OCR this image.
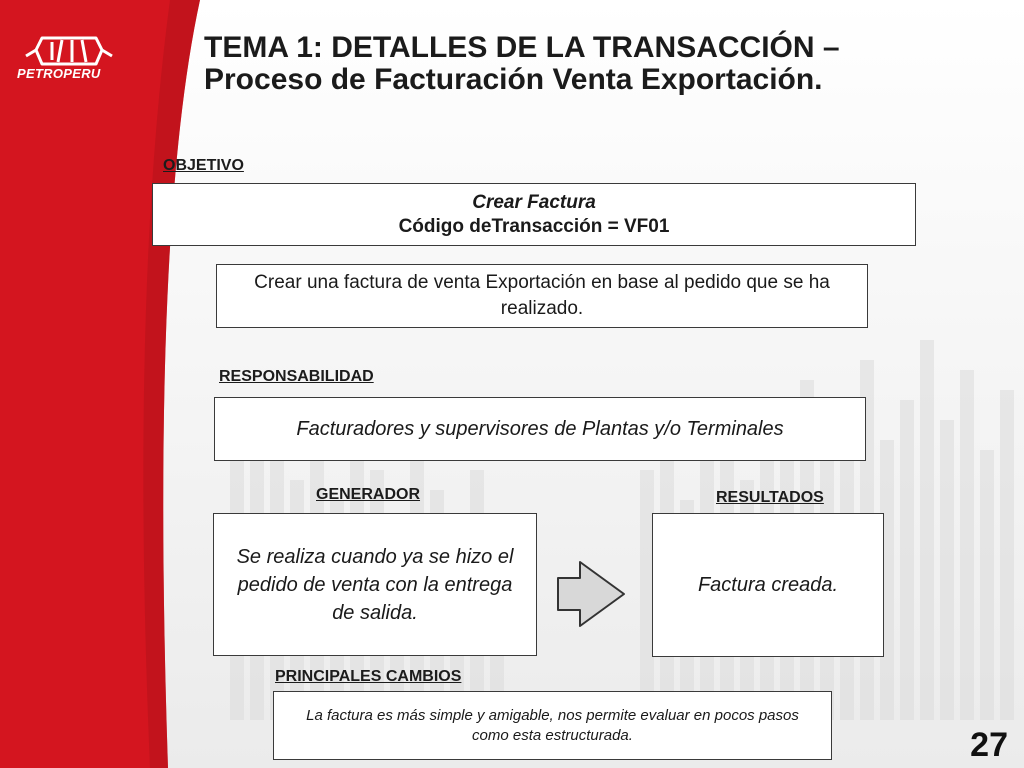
PETROPERU
TEMA 1: DETALLES DE LA TRANSACCIÓN – Proceso de Facturación Venta Exportación.
OBJETIVO
Crear Factura
Código deTransacción = VF01
Crear una factura de venta Exportación en base al pedido que se ha realizado.
RESPONSABILIDAD
Facturadores y supervisores de Plantas y/o Terminales
GENERADOR
Se realiza cuando ya se hizo el pedido de venta con la entrega de salida.
RESULTADOS
Factura creada.
PRINCIPALES CAMBIOS
La factura es más simple y amigable, nos permite evaluar en pocos pasos como esta estructurada.	27
